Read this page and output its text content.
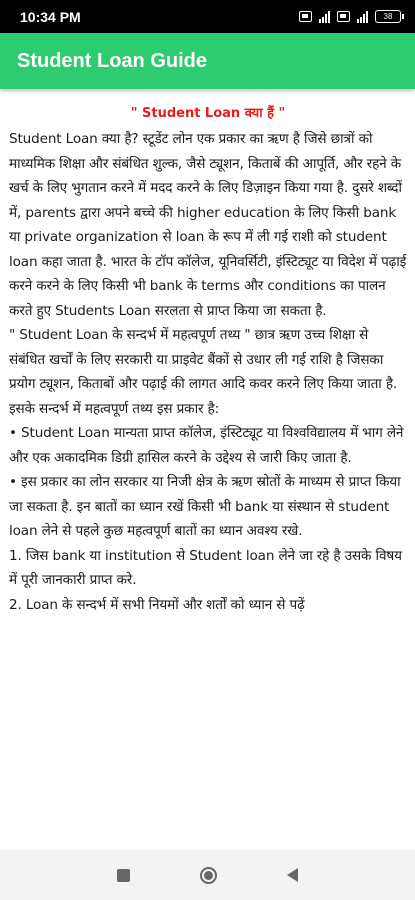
10:34 PM	38
Student Loan Guide
" Student Loan क्या हैं "

Student Loan क्या है? स्टूडेंट लोन एक प्रकार का ऋण है जिसे छात्रों को माध्यमिक शिक्षा और संबंधित शुल्क, जैसे ट्यूशन, किताबें की आपूर्ति, और रहने के खर्च के लिए भुगतान करने में मदद करने के लिए डिज़ाइन किया गया है. दुसरे शब्दों में, parents द्वारा अपने बच्चे की higher education के लिए किसी bank या private organization से loan के रूप में ली गई राशी को student loan कहा जाता है. भारत के टॉप कॉलेज, यूनिवर्सिटी, इंस्टिट्यूट या विदेश में पढ़ाई करने करने के लिए किसी भी bank के terms और conditions का पालन करते हुए Students Loan सरलता से प्राप्त किया जा सकता है.

" Student Loan के सन्दर्भ में महत्वपूर्ण तथ्य " छात्र ऋण उच्च शिक्षा से संबंधित खर्चों के लिए सरकारी या प्राइवेट बैंकों से उधार ली गई राशि है जिसका प्रयोग ट्यूशन, किताबों और पढ़ाई की लागत आदि कवर करने लिए किया जाता है. इसके सन्दर्भ में महत्वपूर्ण तथ्य इस प्रकार है:

• Student Loan मान्यता प्राप्त कॉलेज, इंस्टिट्यूट या विश्वविद्यालय में भाग लेने और एक अकादमिक डिग्री हासिल करने के उद्देश्य से जारी किए जाता है.

• इस प्रकार का लोन सरकार या निजी क्षेत्र के ऋण स्रोतों के माध्यम से प्राप्त किया जा सकता है. इन बातों का ध्यान रखें किसी भी bank या संस्थान से student loan लेने से पहले कुछ महत्वपूर्ण बातों का ध्यान अवश्य रखे.

1. जिस bank या institution से Student loan लेने जा रहे है उसके विषय में पूरी जानकारी प्राप्त करे.

2. Loan के सन्दर्भ में सभी नियमों और शर्तों को ध्यान से पढ़ें
